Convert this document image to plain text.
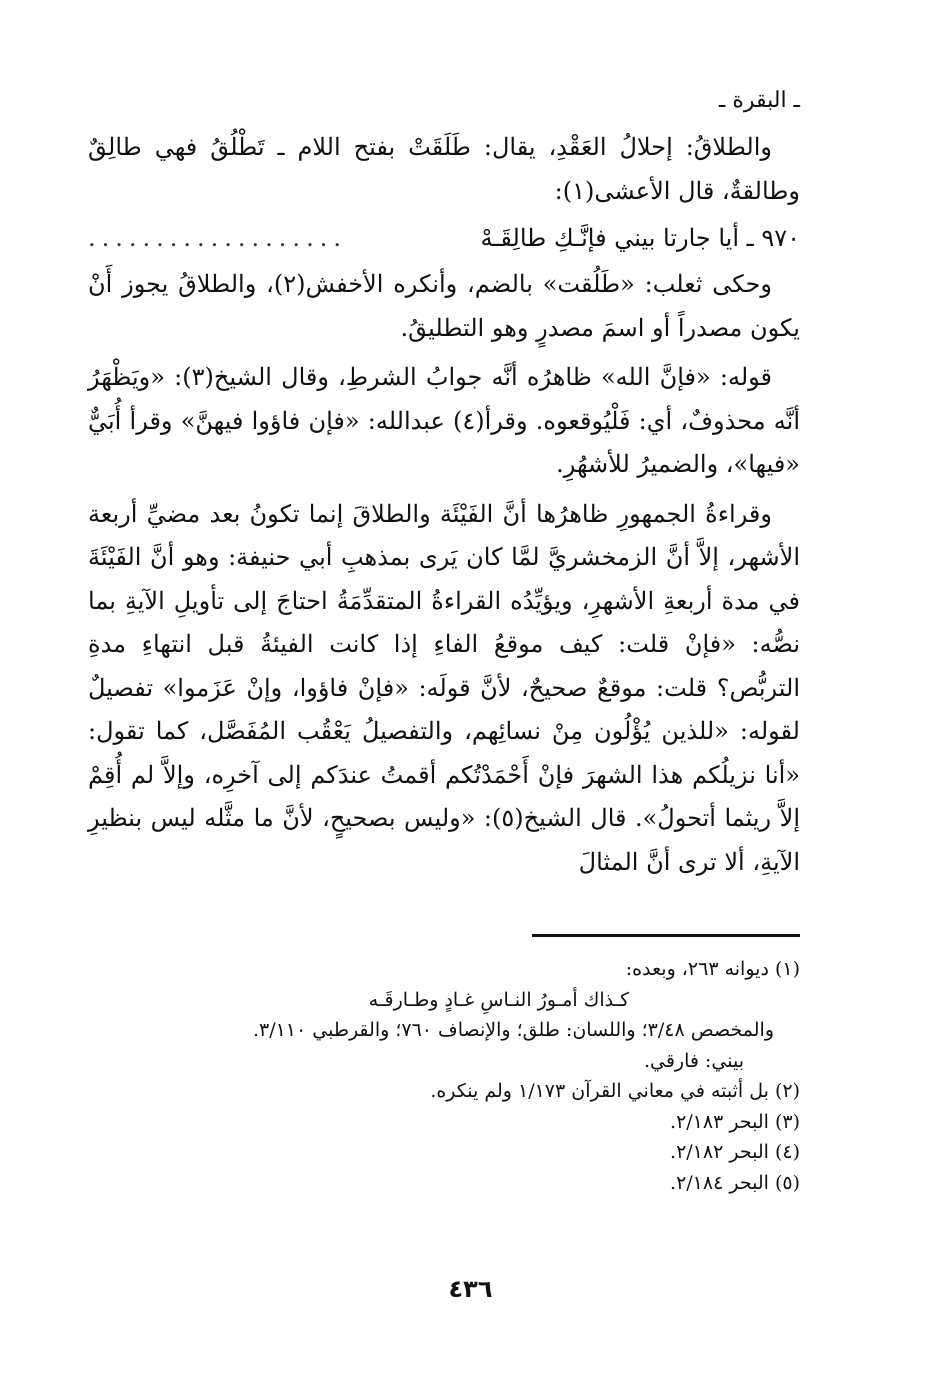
ـ البقرة ـ

والطلاقُ: إحلالُ العَقْدِ، يقال: طَلَقَتْ بفتح اللام ـ تَطْلُقُ فهي طالِقٌ وطالقةٌ، قال الأعشى(١):

٩٧٠ ـ أيا جارتا بيني فإنَّـكِ طالِقَـهْ
...................

وحكى ثعلب: «طَلُقت» بالضم، وأنكره الأخفش(٢)، والطلاقُ يجوز أَنْ يكون مصدراً أو اسمَ مصدرٍ وهو التطليقُ.

قوله: «فإنَّ الله» ظاهرُه أنَّه جوابُ الشرطِ، وقال الشيخ(٣): «ويَظْهَرُ أنَّه محذوفٌ، أي: فَلْيُوقعوه. وقرأ(٤) عبدالله: «فإن فاؤوا فيهنَّ» وقرأ أُبَيٌّ «فيها»، والضميرُ للأشهُرِ.

وقراءةُ الجمهورِ ظاهرُها أنَّ الفَيْئَة والطلاقَ إنما تكونُ بعد مضيِّ أربعة الأشهر، إلاَّ أنَّ الزمخشريَّ لمَّا كان يَرى بمذهبِ أبي حنيفة: وهو أنَّ الفَيْئَةَ في مدة أربعةِ الأشهرِ، ويؤيِّدُه القراءةُ المتقدِّمَةُ احتاجَ إلى تأويلِ الآيةِ بما نصُّه: «فإنْ قلت: كيف موقعُ الفاءِ إذا كانت الفيئةُ قبل انتهاءِ مدةِ التربُّص؟ قلت: موقعٌ صحيحٌ، لأنَّ قولَه: «فإنْ فاؤوا، وإنْ عَزَموا» تفصيلٌ لقوله: «للذين يُؤْلُون مِنْ نسائِهم، والتفصيلُ يَعْقُب المُفَصَّل، كما تقول: «أنا نزيلُكم هذا الشهرَ فإنْ أَحْمَدْتُكم أقمتُ عندَكم إلى آخرِه، وإلاَّ لم أُقِمْ إلاَّ ريثما أتحولُ». قال الشيخ(٥): «وليس بصحيحٍ، لأنَّ ما مثَّله ليس بنظيرِ الآيةِ، ألا ترى أنَّ المثالَ

(١) ديوانه ٢٦٣، وبعده:

كـذاك أمـورُ النـاسِ غـادٍ وطـارقَـه

والمخصص ٣/٤٨؛ واللسان: طلق؛ والإنصاف ٧٦٠؛ والقرطبي ٣/١١٠.

بيني: فارقي.

(٢) بل أثبته في معاني القرآن ١/١٧٣ ولم ينكره.

(٣) البحر ٢/١٨٣.

(٤) البحر ٢/١٨٢.

(٥) البحر ٢/١٨٤.

٤٣٦
